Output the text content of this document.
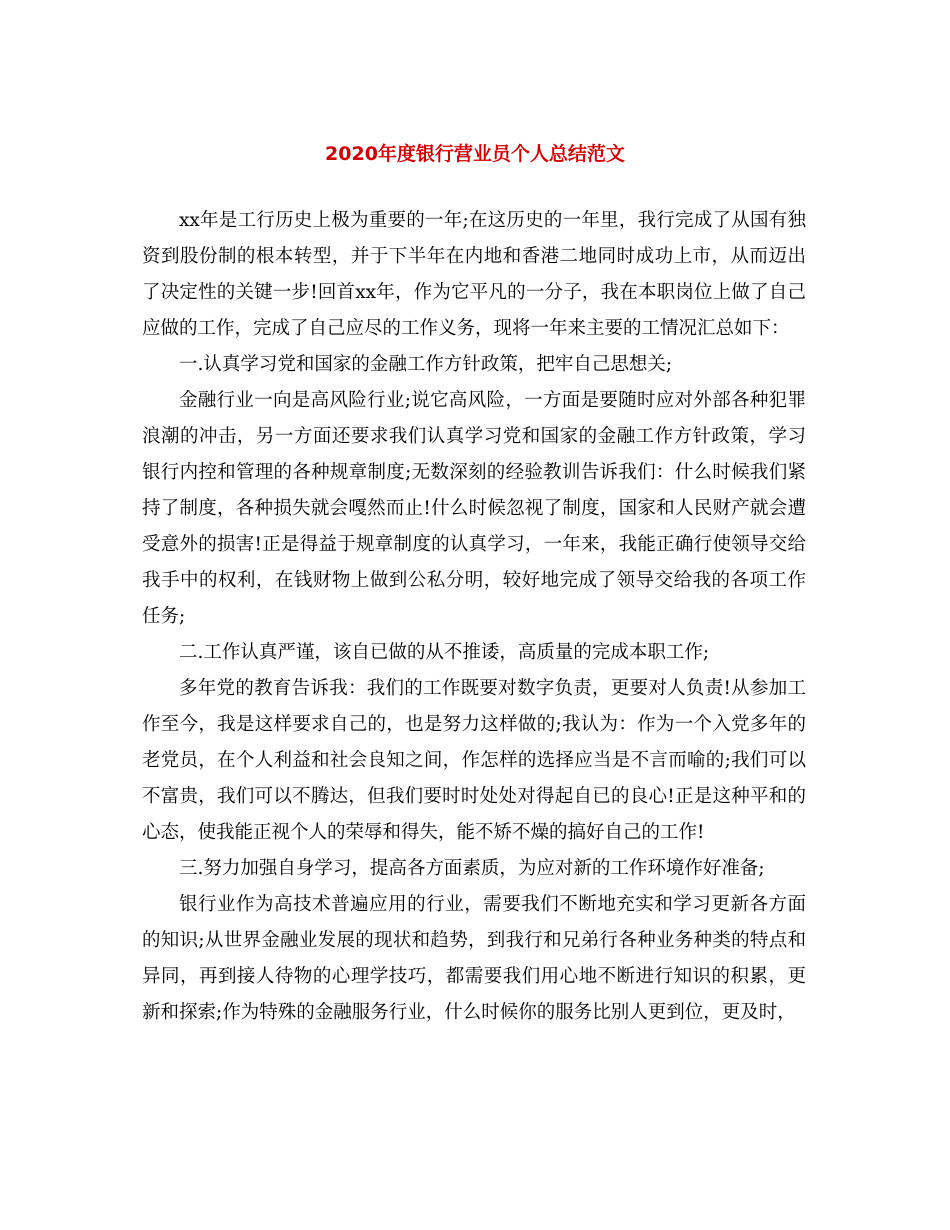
2020年度银行营业员个人总结范文

xx年是工行历史上极为重要的一年;在这历史的一年里，我行完成了从国有独资到股份制的根本转型，并于下半年在内地和香港二地同时成功上市，从而迈出了决定性的关键一步!回首xx年，作为它平凡的一分子，我在本职岗位上做了自己应做的工作，完成了自己应尽的工作义务，现将一年来主要的工情况汇总如下：

一.认真学习党和国家的金融工作方针政策，把牢自己思想关;

金融行业一向是高风险行业;说它高风险，一方面是要随时应对外部各种犯罪浪潮的冲击，另一方面还要求我们认真学习党和国家的金融工作方针政策，学习银行内控和管理的各种规章制度;无数深刻的经验教训告诉我们：什么时候我们紧持了制度，各种损失就会嘎然而止!什么时候忽视了制度，国家和人民财产就会遭受意外的损害!正是得益于规章制度的认真学习，一年来，我能正确行使领导交给我手中的权利，在钱财物上做到公私分明，较好地完成了领导交给我的各项工作任务;

二.工作认真严谨，该自已做的从不推诿，高质量的完成本职工作;

多年党的教育告诉我：我们的工作既要对数字负责，更要对人负责!从参加工作至今，我是这样要求自己的，也是努力这样做的;我认为：作为一个入党多年的老党员，在个人利益和社会良知之间，作怎样的选择应当是不言而喻的;我们可以不富贵，我们可以不腾达，但我们要时时处处对得起自已的良心!正是这种平和的心态，使我能正视个人的荣辱和得失，能不矫不燥的搞好自己的工作!

三.努力加强自身学习，提高各方面素质，为应对新的工作环境作好准备;

银行业作为高技术普遍应用的行业，需要我们不断地充实和学习更新各方面的知识;从世界金融业发展的现状和趋势，到我行和兄弟行各种业务种类的特点和异同，再到接人待物的心理学技巧，都需要我们用心地不断进行知识的积累，更新和探索;作为特殊的金融服务行业，什么时候你的服务比别人更到位，更及时，
